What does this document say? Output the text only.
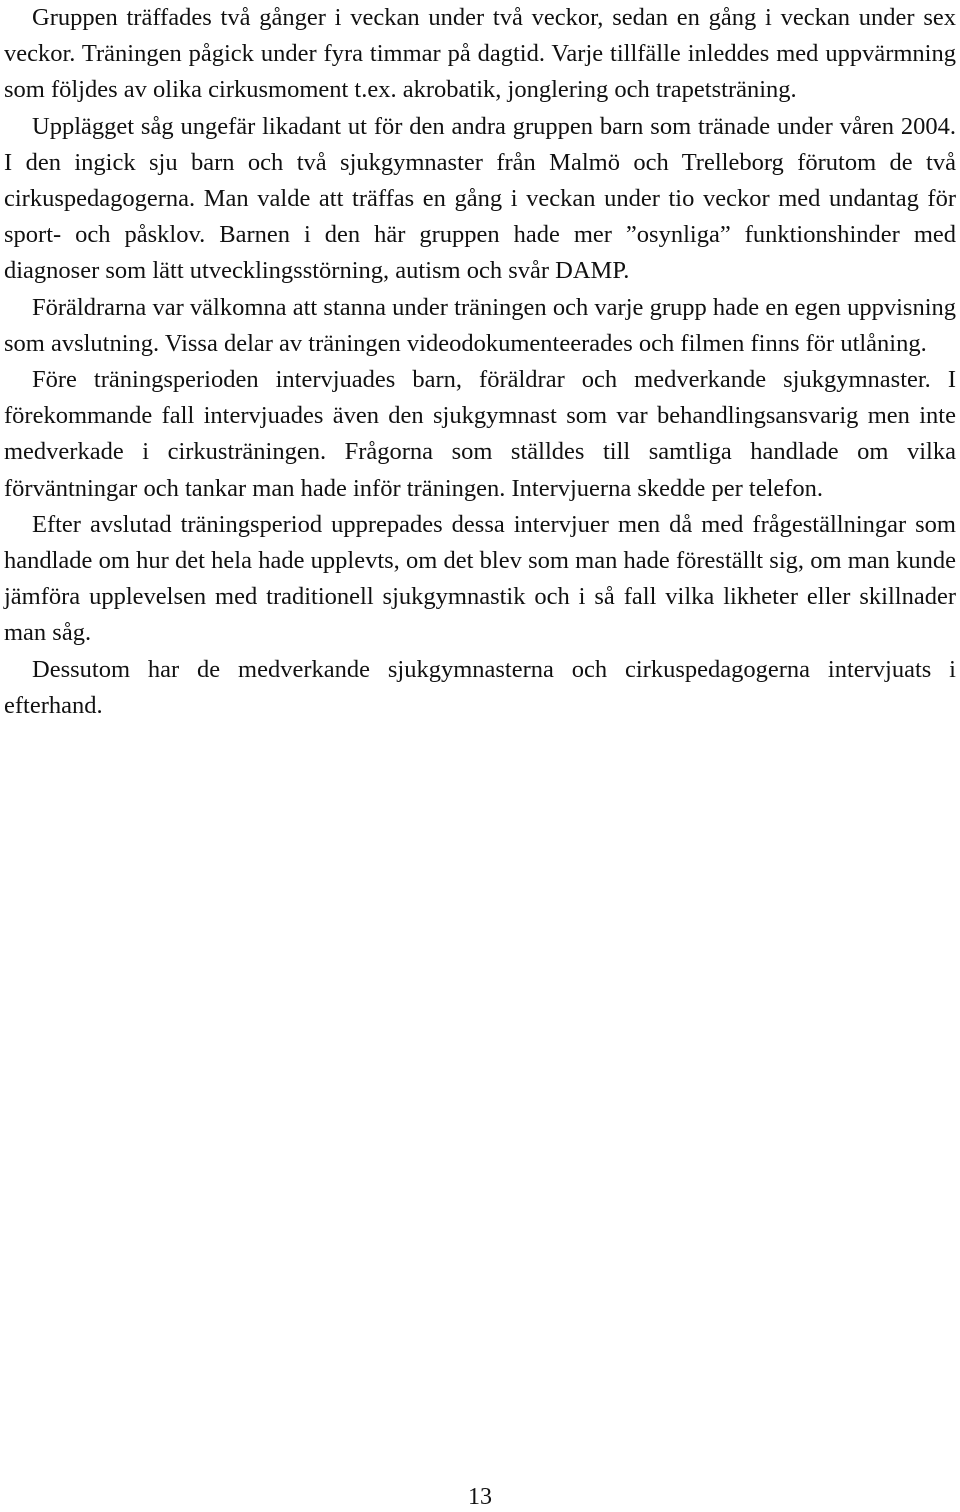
Gruppen träffades två gånger i veckan under två veckor, sedan en gång i veckan under sex veckor. Träningen pågick under fyra timmar på dagtid. Varje tillfälle inleddes med uppvärmning som följdes av olika cirkusmoment t.ex. akrobatik, jonglering och trapetsträning.

Upplägget såg ungefär likadant ut för den andra gruppen barn som tränade under våren 2004. I den ingick sju barn och två sjukgymnaster från Malmö och Trelleborg förutom de två cirkuspedagogerna. Man valde att träffas en gång i veckan under tio veckor med undantag för sport- och påsklov. Barnen i den här gruppen hade mer ”osynliga” funktionshinder med diagnoser som lätt utvecklingsstörning, autism och svår DAMP.

Föräldrarna var välkomna att stanna under träningen och varje grupp hade en egen uppvisning som avslutning. Vissa delar av träningen videodokumenteerades och filmen finns för utlåning.

Före träningsperioden intervjuades barn, föräldrar och medverkande sjukgymnaster. I förekommande fall intervjuades även den sjukgymnast som var behandlingsansvarig men inte medverkade i cirkusträningen. Frågorna som ställdes till samtliga handlade om vilka förväntningar och tankar man hade inför träningen. Intervjuerna skedde per telefon.

Efter avslutad träningsperiod upprepades dessa intervjuer men då med frågeställningar som handlade om hur det hela hade upplevts, om det blev som man hade föreställt sig, om man kunde jämföra upplevelsen med traditionell sjukgymnastik och i så fall vilka likheter eller skillnader man såg.

Dessutom har de medverkande sjukgymnasterna och cirkuspedagogerna intervjuats i efterhand.

13
